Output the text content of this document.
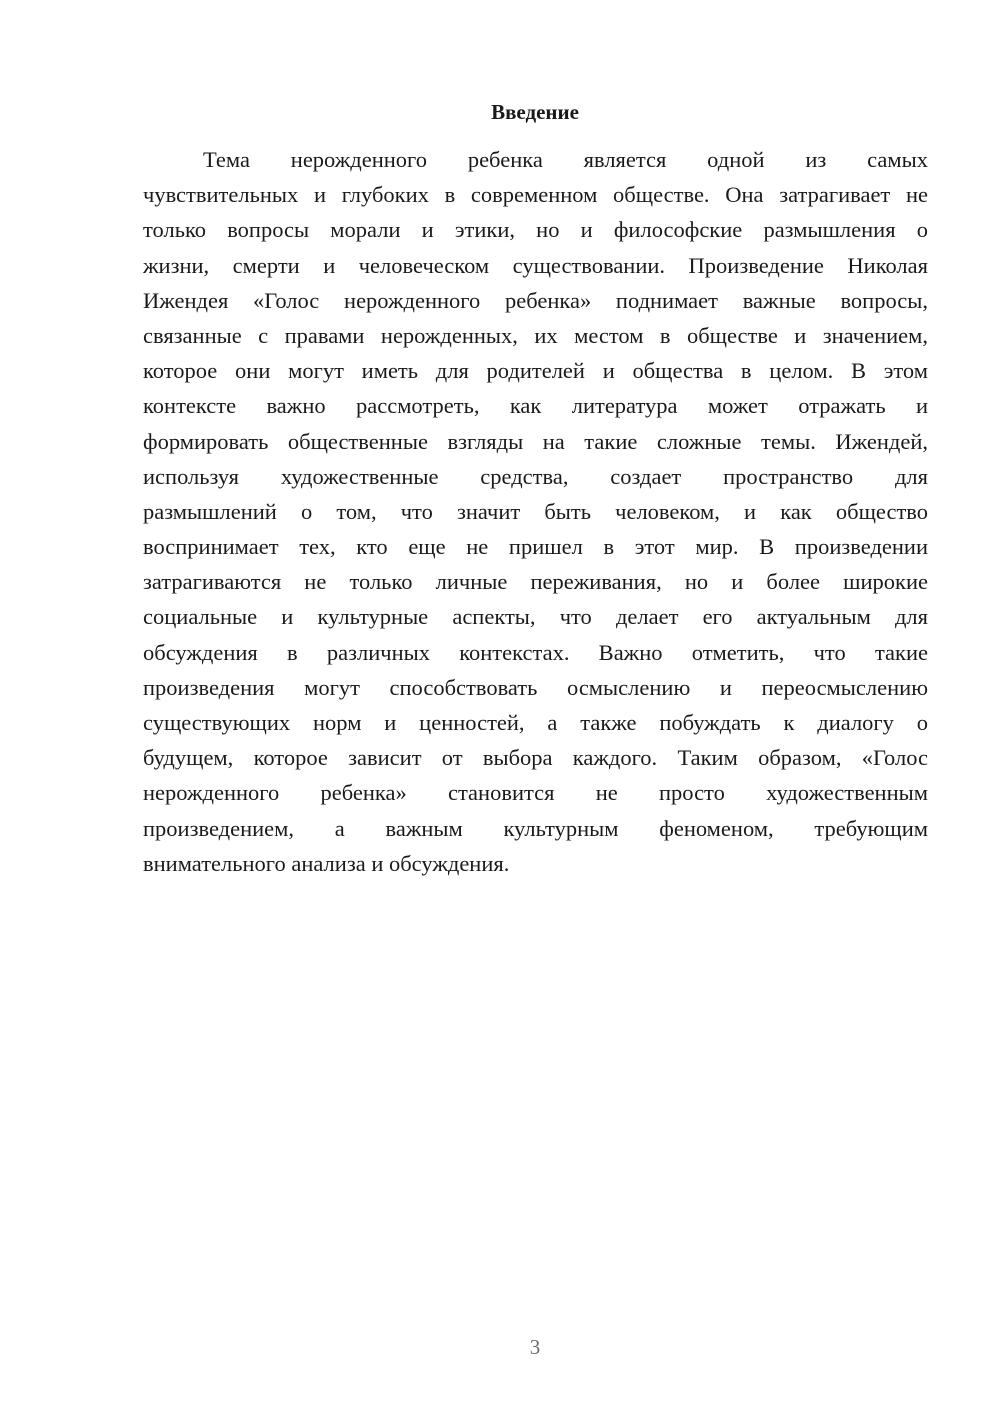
Введение
Тема нерожденного ребенка является одной из самых
чувствительных и глубоких в современном обществе. Она затрагивает не
только вопросы морали и этики, но и философские размышления о
жизни, смерти и человеческом существовании. Произведение Николая
Ижендея «Голос нерожденного ребенка» поднимает важные вопросы,
связанные с правами нерожденных, их местом в обществе и значением,
которое они могут иметь для родителей и общества в целом. В этом
контексте важно рассмотреть, как литература может отражать и
формировать общественные взгляды на такие сложные темы. Ижендей,
используя художественные средства, создает пространство для
размышлений о том, что значит быть человеком, и как общество
воспринимает тех, кто еще не пришел в этот мир. В произведении
затрагиваются не только личные переживания, но и более широкие
социальные и культурные аспекты, что делает его актуальным для
обсуждения в различных контекстах. Важно отметить, что такие
произведения могут способствовать осмыслению и переосмыслению
существующих норм и ценностей, а также побуждать к диалогу о
будущем, которое зависит от выбора каждого. Таким образом, «Голос
нерожденного ребенка» становится не просто художественным
произведением, а важным культурным феноменом, требующим
внимательного анализа и обсуждения.
3
